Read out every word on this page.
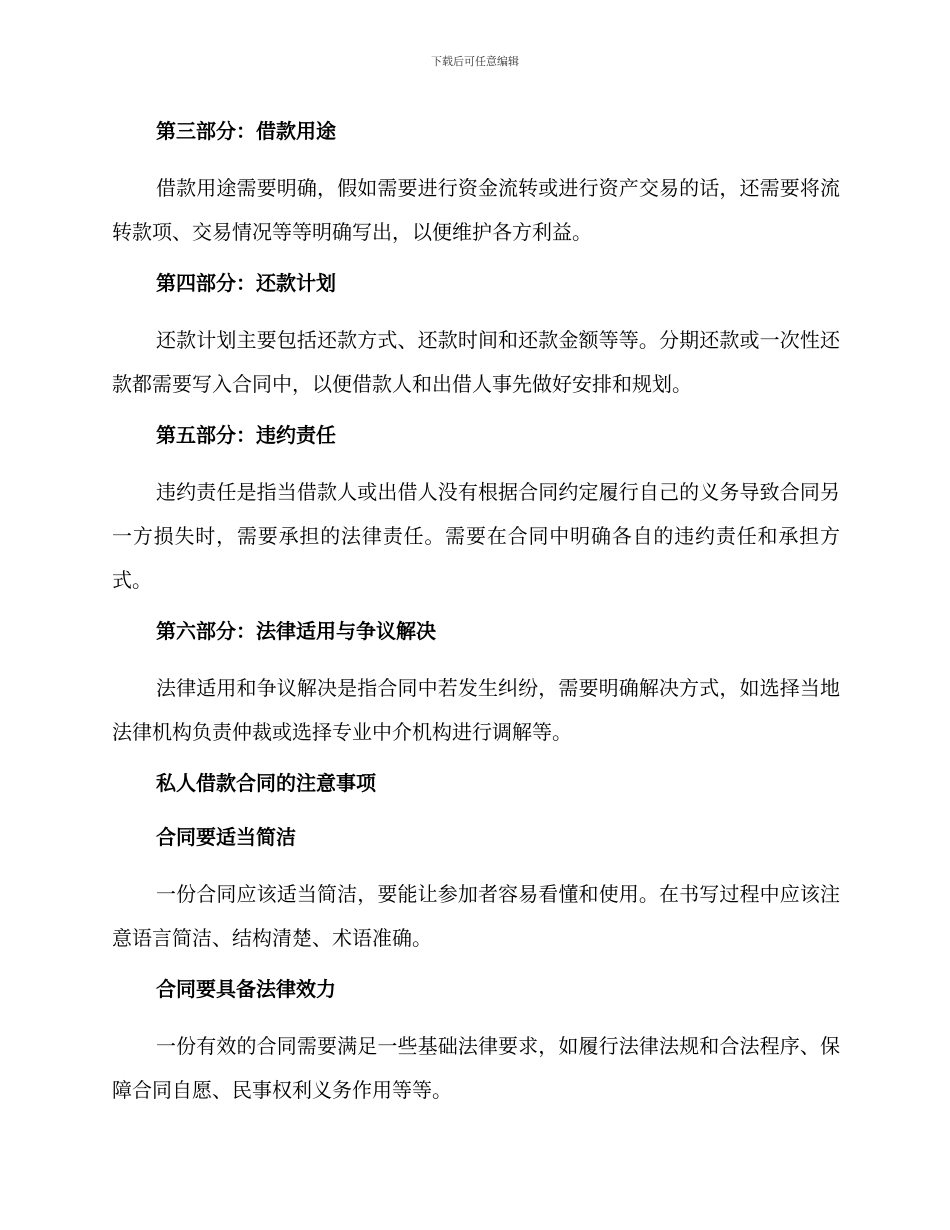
下载后可任意编辑
第三部分：借款用途

借款用途需要明确，假如需要进行资金流转或进行资产交易的话，还需要将流转款项、交易情况等等明确写出，以便维护各方利益。

第四部分：还款计划

还款计划主要包括还款方式、还款时间和还款金额等等。分期还款或一次性还款都需要写入合同中，以便借款人和出借人事先做好安排和规划。

第五部分：违约责任

违约责任是指当借款人或出借人没有根据合同约定履行自己的义务导致合同另一方损失时，需要承担的法律责任。需要在合同中明确各自的违约责任和承担方式。

第六部分：法律适用与争议解决

法律适用和争议解决是指合同中若发生纠纷，需要明确解决方式，如选择当地法律机构负责仲裁或选择专业中介机构进行调解等。

私人借款合同的注意事项
合同要适当简洁

一份合同应该适当简洁，要能让参加者容易看懂和使用。在书写过程中应该注意语言简洁、结构清楚、术语准确。

合同要具备法律效力

一份有效的合同需要满足一些基础法律要求，如履行法律法规和合法程序、保障合同自愿、民事权利义务作用等等。
